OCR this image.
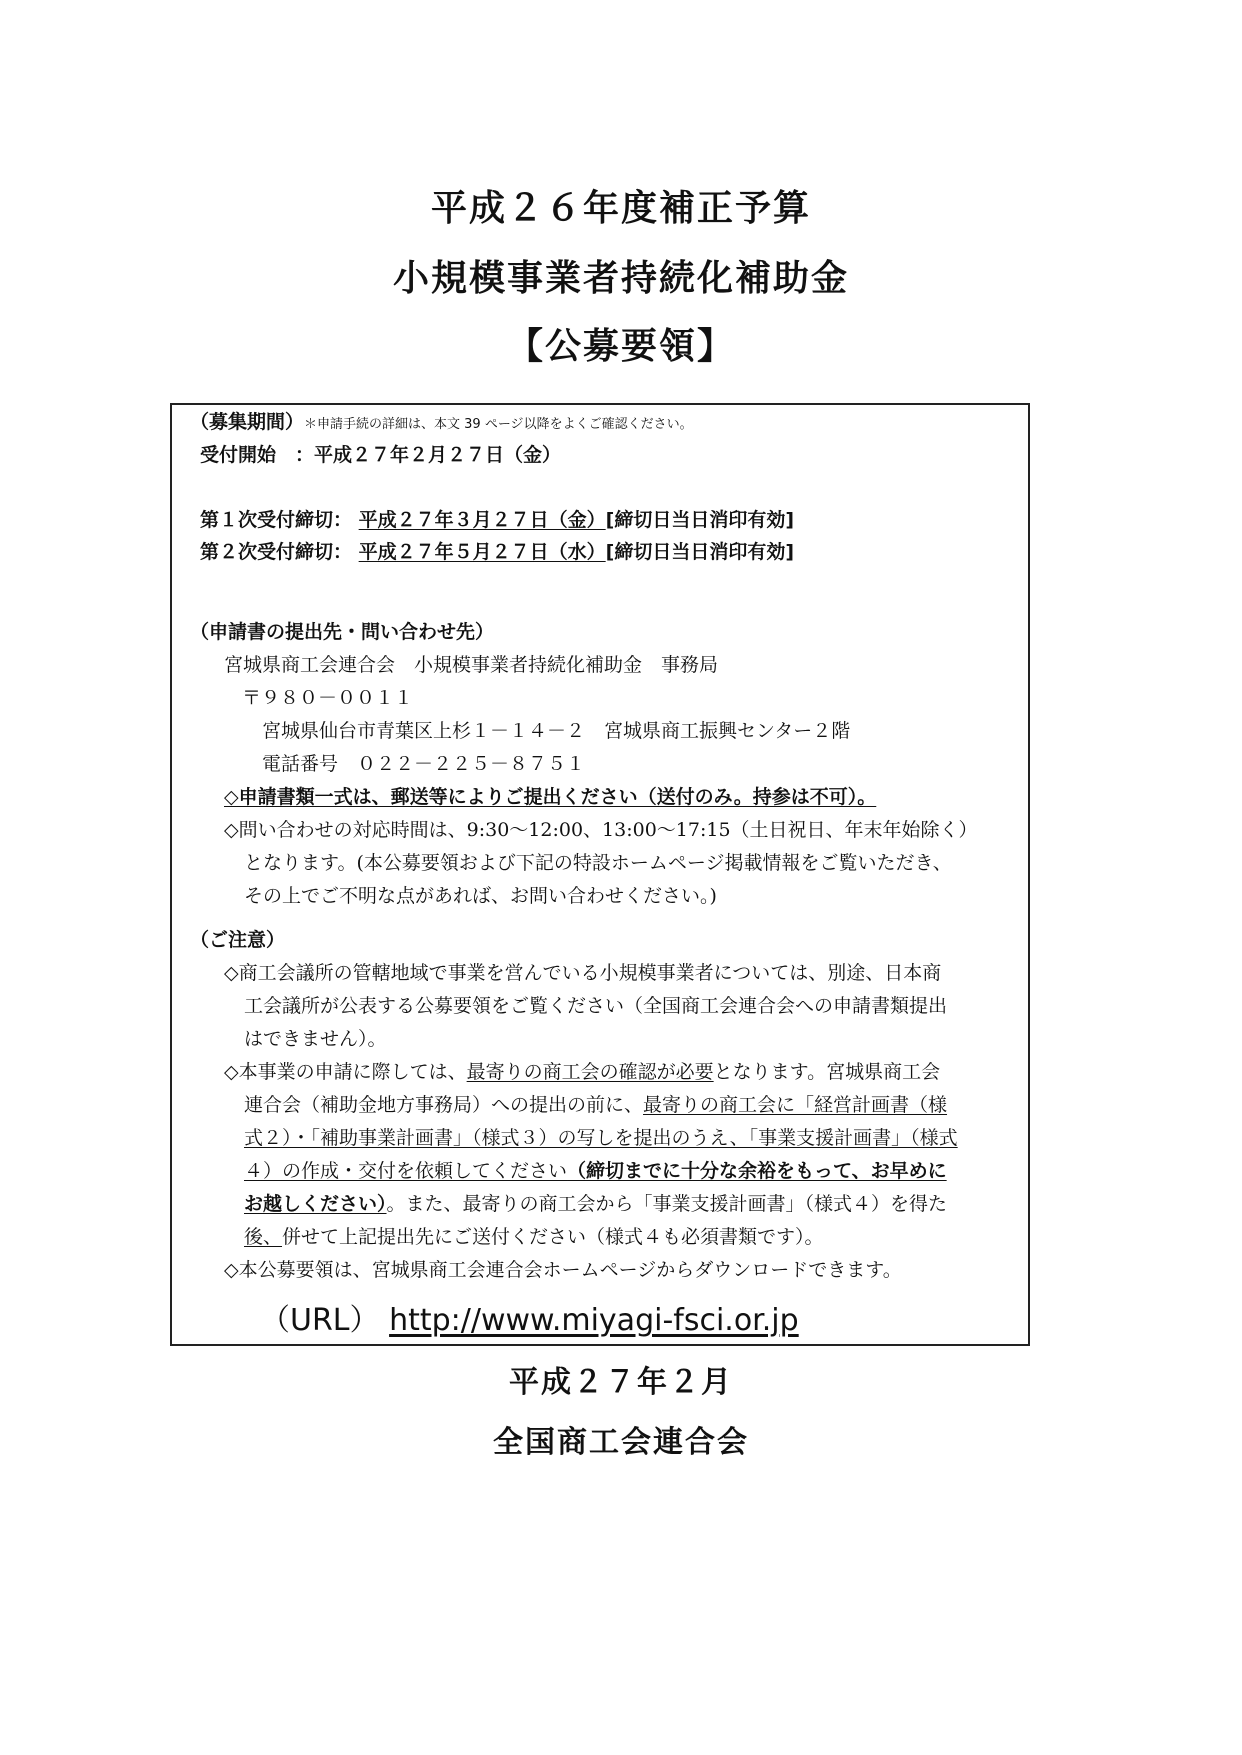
平成２６年度補正予算
小規模事業者持続化補助金
【公募要領】
（募集期間）＊申請手続の詳細は、本文 39 ページ以降をよくご確認ください。
受付開始　：平成２７年２月２７日（金）
第１次受付締切： 平成２７年３月２７日（金）[締切日当日消印有効]
第２次受付締切： 平成２７年５月２７日（水）[締切日当日消印有効]
（申請書の提出先・問い合わせ先）
宮城県商工会連合会　小規模事業者持続化補助金　事務局
〒９８０－００１１
宮城県仙台市青葉区上杉１－１４－２　宮城県商工振興センター２階
電話番号　０２２－２２５－８７５１
◇申請書類一式は、郵送等によりご提出ください（送付のみ。持参は不可）。
◇問い合わせの対応時間は、9:30～12:00、13:00～17:15（土日祝日、年末年始除く）
となります。(本公募要領および下記の特設ホームページ掲載情報をご覧いただき、
その上でご不明な点があれば、お問い合わせください。)
（ご注意）
◇商工会議所の管轄地域で事業を営んでいる小規模事業者については、別途、日本商
工会議所が公表する公募要領をご覧ください（全国商工会連合会への申請書類提出
はできません）。
◇本事業の申請に際しては、最寄りの商工会の確認が必要となります。宮城県商工会
連合会（補助金地方事務局）への提出の前に、最寄りの商工会に「経営計画書（様
式２）・「補助事業計画書」（様式３）の写しを提出のうえ、「事業支援計画書」（様式
４）の作成・交付を依頼してください（締切までに十分な余裕をもって、お早めに
お越しください）。また、最寄りの商工会から「事業支援計画書」（様式４）を得た
後、併せて上記提出先にご送付ください（様式４も必須書類です）。
◇本公募要領は、宮城県商工会連合会ホームページからダウンロードできます。
（URL） http://www.miyagi-fsci.or.jp
平成２７年２月
全国商工会連合会
